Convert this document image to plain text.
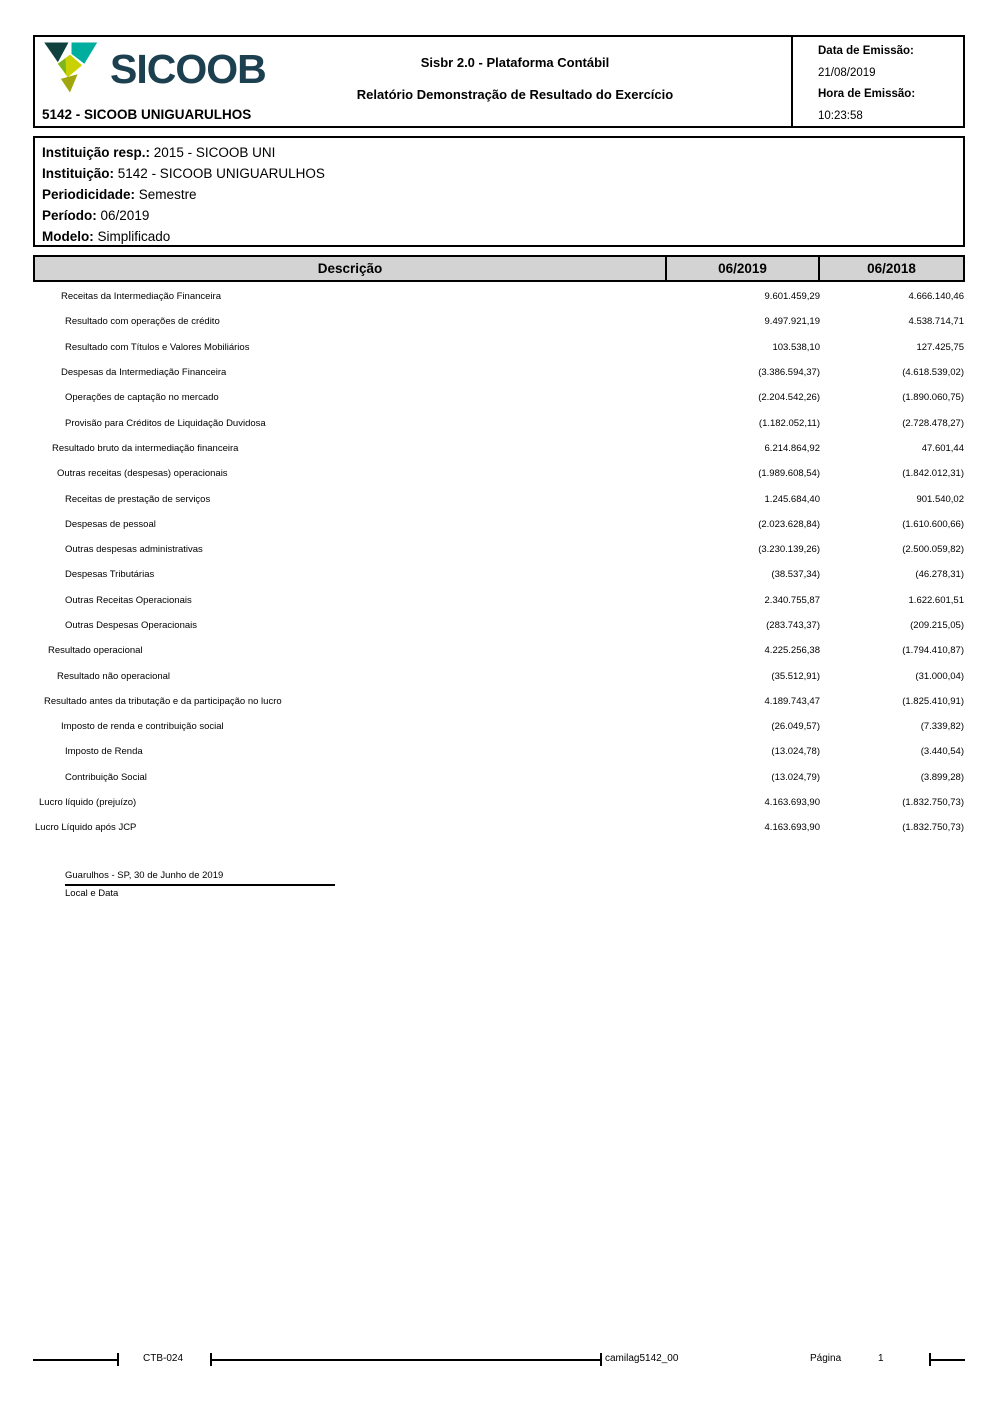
SICOOB
5142 - SICOOB UNIGUARULHOS
Sisbr 2.0 - Plataforma Contábil
Relatório Demonstração de Resultado do Exercício
Data de Emissão:
21/08/2019
Hora de Emissão:
10:23:58
Instituição resp.: 2015 - SICOOB UNI
Instituição: 5142 - SICOOB UNIGUARULHOS
Periodicidade: Semestre
Período: 06/2019
Modelo: Simplificado
Descrição	06/2019	06/2018
Receitas da Intermediação Financeira	9.601.459,29	4.666.140,46
Resultado com operações de crédito	9.497.921,19	4.538.714,71
Resultado com Títulos e Valores Mobiliários	103.538,10	127.425,75
Despesas da Intermediação Financeira	(3.386.594,37)	(4.618.539,02)
Operações de captação no mercado	(2.204.542,26)	(1.890.060,75)
Provisão para Créditos de Liquidação Duvidosa	(1.182.052,11)	(2.728.478,27)
Resultado bruto da intermediação financeira	6.214.864,92	47.601,44
Outras receitas (despesas) operacionais	(1.989.608,54)	(1.842.012,31)
Receitas de prestação de serviços	1.245.684,40	901.540,02
Despesas de pessoal	(2.023.628,84)	(1.610.600,66)
Outras despesas administrativas	(3.230.139,26)	(2.500.059,82)
Despesas Tributárias	(38.537,34)	(46.278,31)
Outras Receitas Operacionais	2.340.755,87	1.622.601,51
Outras Despesas Operacionais	(283.743,37)	(209.215,05)
Resultado operacional	4.225.256,38	(1.794.410,87)
Resultado não operacional	(35.512,91)	(31.000,04)
Resultado antes da tributação e da participação no lucro	4.189.743,47	(1.825.410,91)
Imposto de renda e contribuição social	(26.049,57)	(7.339,82)
Imposto de Renda	(13.024,78)	(3.440,54)
Contribuição Social	(13.024,79)	(3.899,28)
Lucro líquido (prejuízo)	4.163.693,90	(1.832.750,73)
Lucro Líquido após JCP	4.163.693,90	(1.832.750,73)
Guarulhos - SP, 30 de Junho de 2019
Local e Data
CTB-024	camilag5142_00	Página	1
